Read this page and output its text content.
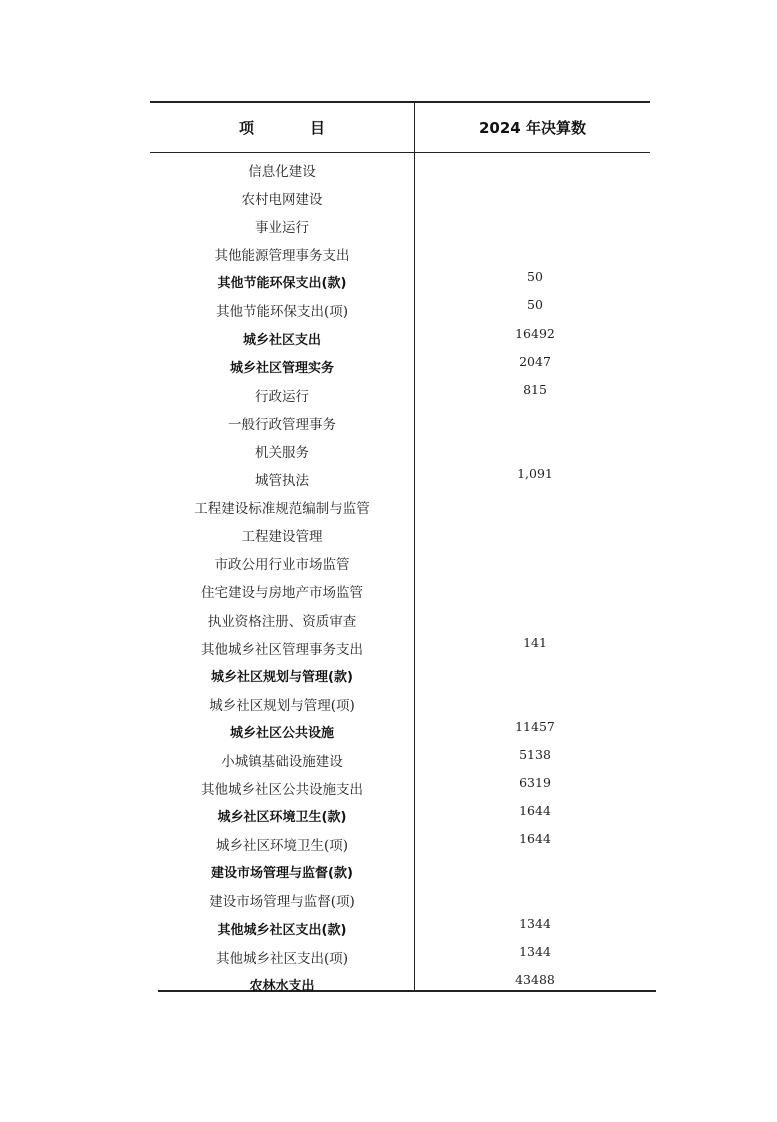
项	目	2024 年决算数
信息化建设
农村电网建设
事业运行
其他能源管理事务支出
其他节能环保支出(款)	50
其他节能环保支出(项)	50
城乡社区支出	16492
城乡社区管理实务	2047
行政运行	815
一般行政管理事务
机关服务
城管执法	1,091
工程建设标准规范编制与监管
工程建设管理
市政公用行业市场监管
住宅建设与房地产市场监管
执业资格注册、资质审查
其他城乡社区管理事务支出	141
城乡社区规划与管理(款)
城乡社区规划与管理(项)
城乡社区公共设施	11457
小城镇基础设施建设	5138
其他城乡社区公共设施支出	6319
城乡社区环境卫生(款)	1644
城乡社区环境卫生(项)	1644
建设市场管理与监督(款)
建设市场管理与监督(项)
其他城乡社区支出(款)	1344
其他城乡社区支出(项)	1344
农林水支出	43488
